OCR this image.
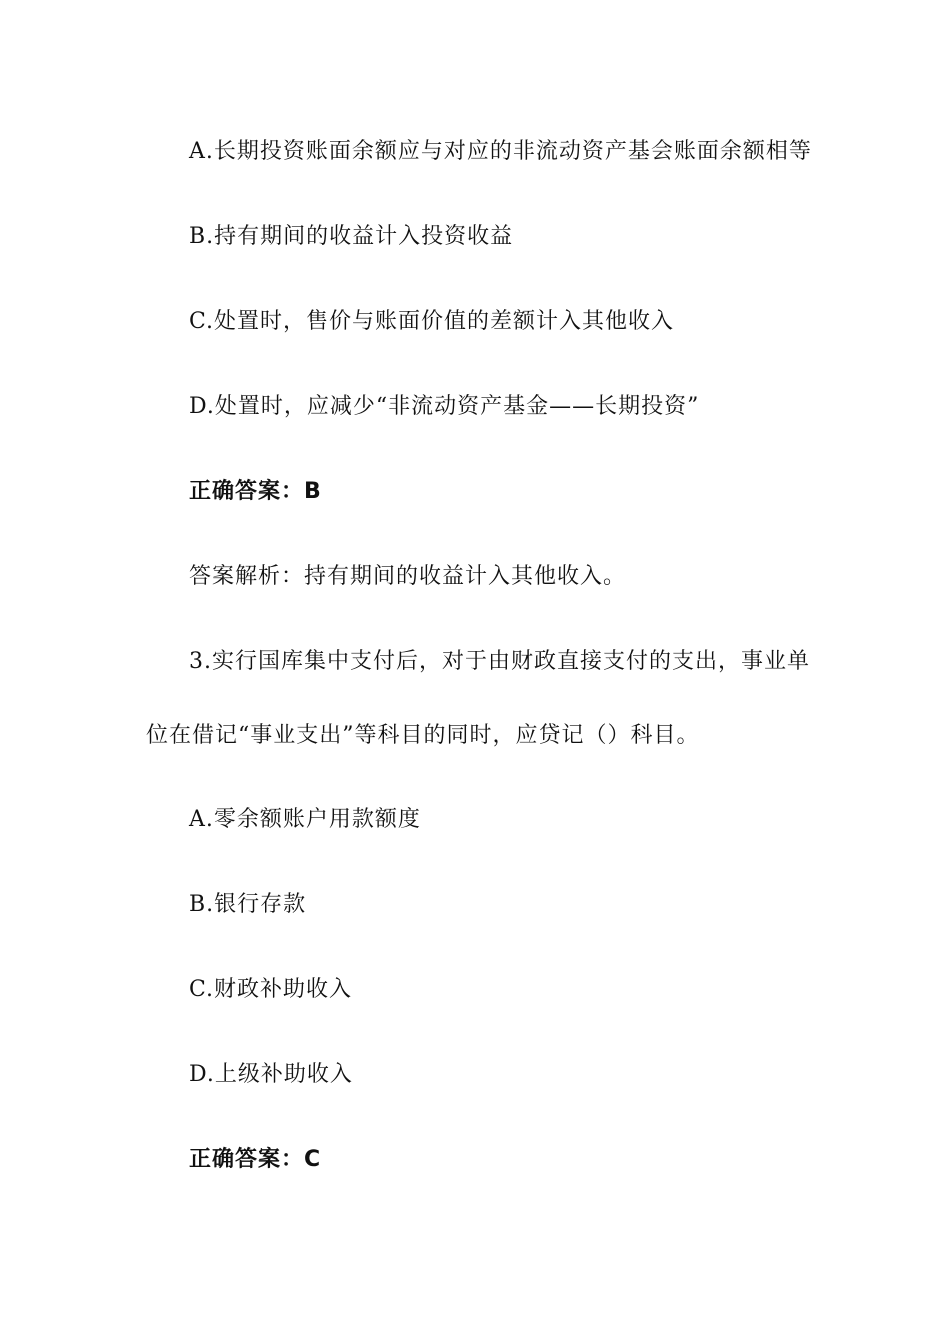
A.长期投资账面余额应与对应的非流动资产基会账面余额相等
B.持有期间的收益计入投资收益
C.处置时，售价与账面价值的差额计入其他收入
D.处置时，应减少“非流动资产基金——长期投资”
正确答案：B
答案解析：持有期间的收益计入其他收入。
3.实行国库集中支付后，对于由财政直接支付的支出，事业单
位在借记“事业支出”等科目的同时，应贷记（）科目。
A.零余额账户用款额度
B.银行存款
C.财政补助收入
D.上级补助收入
正确答案：C
